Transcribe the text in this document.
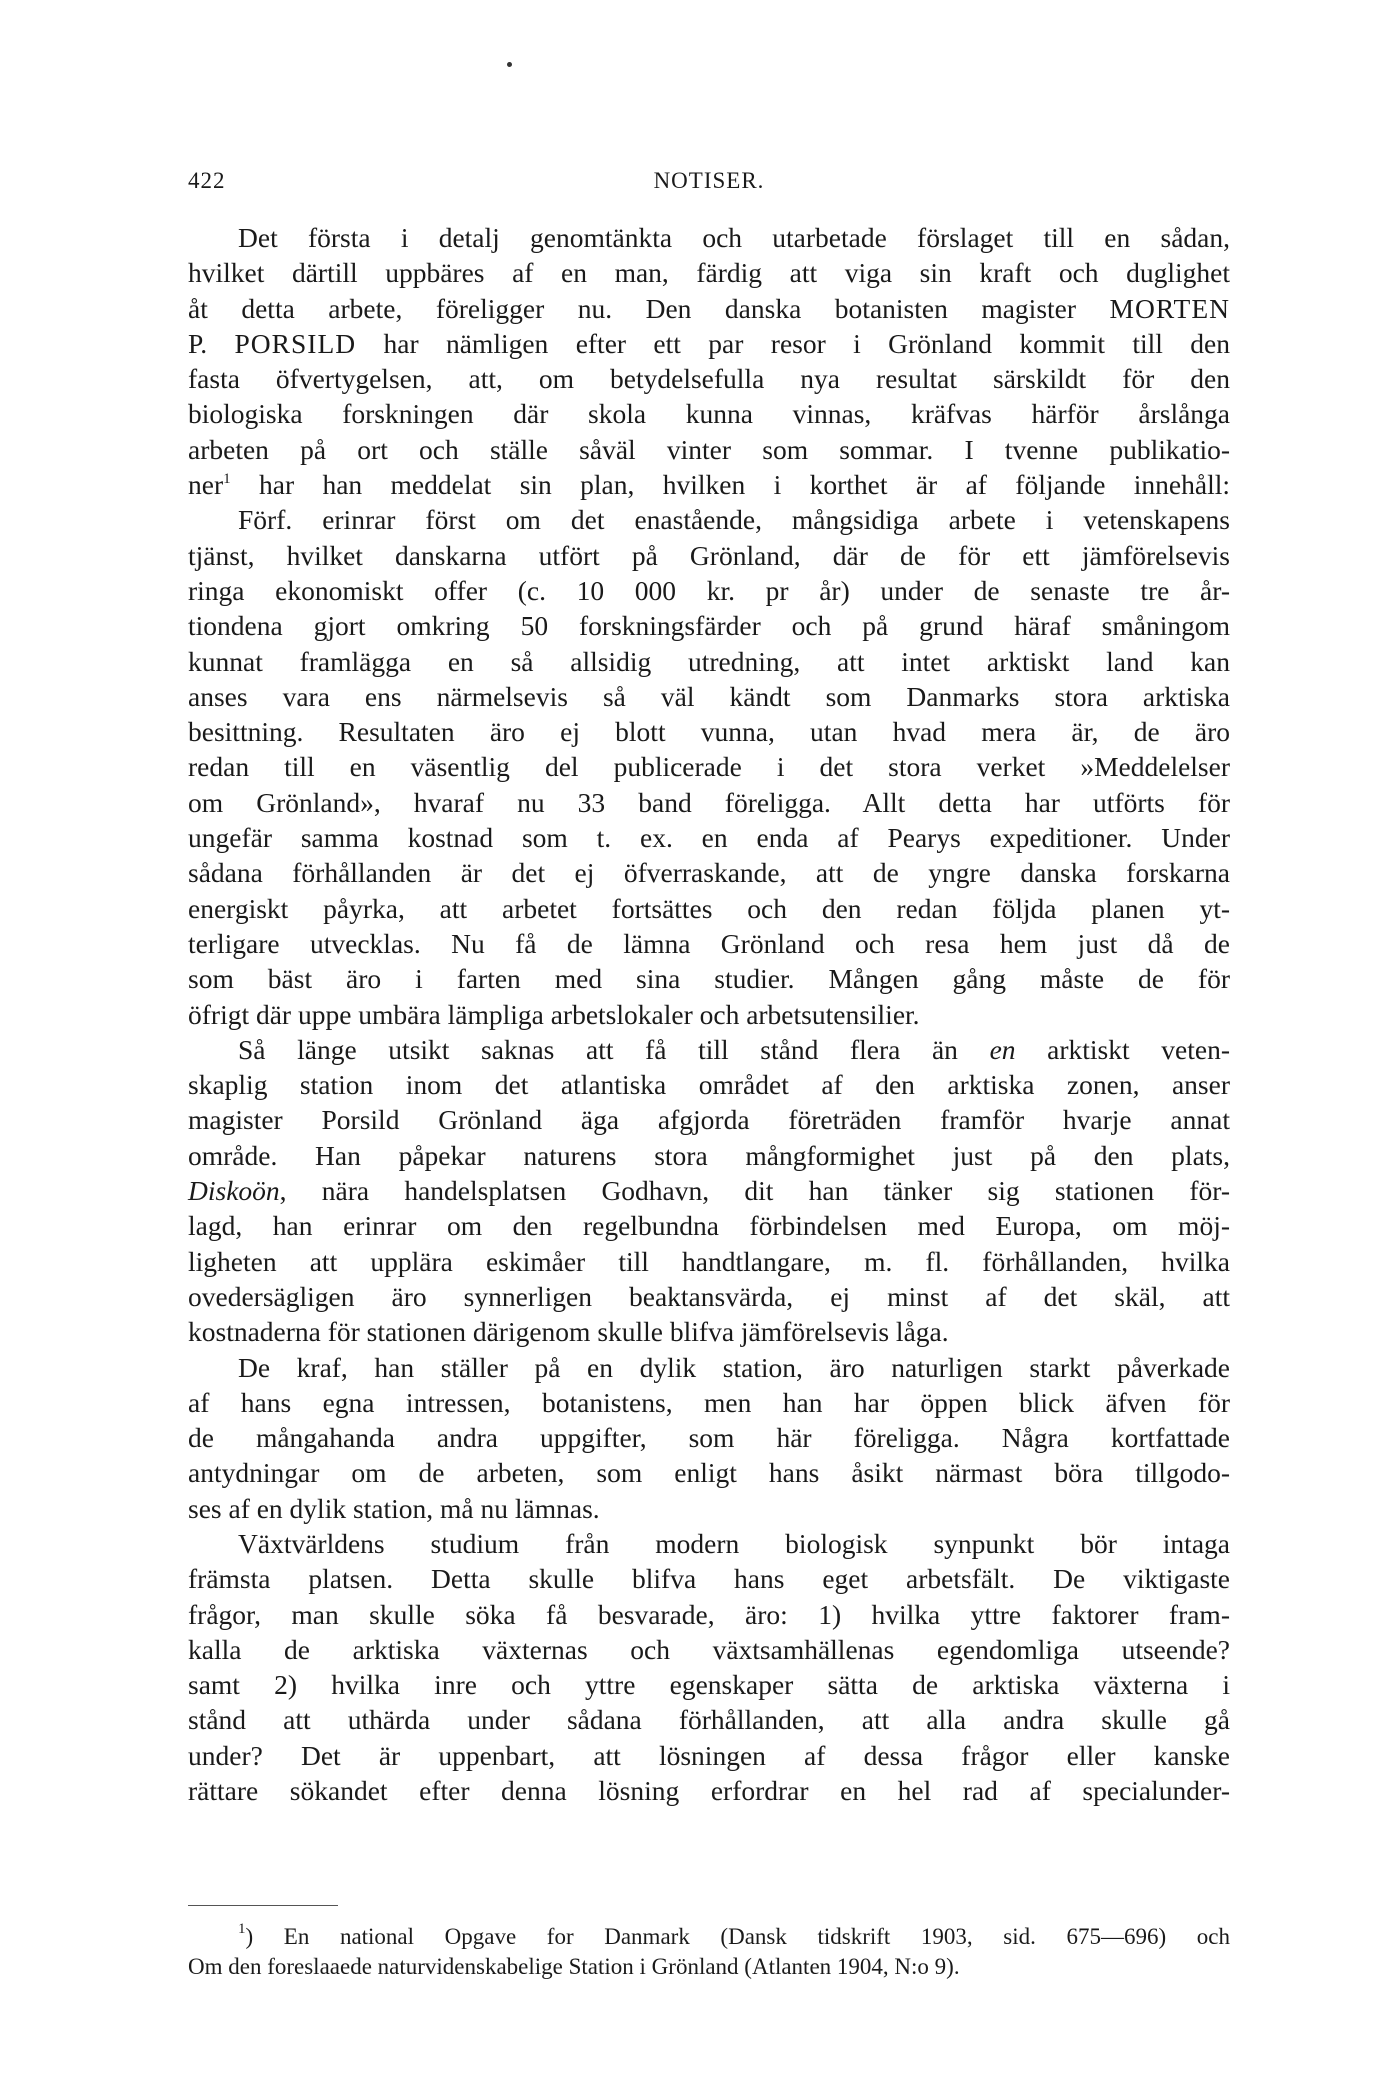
422	NOTISER.
Det första i detalj genomtänkta och utarbetade förslaget till en sådan,
hvilket därtill uppbäres af en man, färdig att viga sin kraft och duglighet
åt detta arbete, föreligger nu. Den danska botanisten magister MORTEN
P. PORSILD har nämligen efter ett par resor i Grönland kommit till den
fasta öfvertygelsen, att, om betydelsefulla nya resultat särskildt för den
biologiska forskningen där skola kunna vinnas, kräfvas härför årslånga
arbeten på ort och ställe såväl vinter som sommar. I tvenne publikatio-
ner$^1$ har han meddelat sin plan, hvilken i korthet är af följande innehåll:
Förf. erinrar först om det enastående, mångsidiga arbete i vetenskapens
tjänst, hvilket danskarna utfört på Grönland, där de för ett jämförelsevis
ringa ekonomiskt offer (c. 10 000 kr. pr år) under de senaste tre år-
tiondena gjort omkring 50 forskningsfärder och på grund häraf småningom
kunnat framlägga en så allsidig utredning, att intet arktiskt land kan
anses vara ens närmelsevis så väl kändt som Danmarks stora arktiska
besittning. Resultaten äro ej blott vunna, utan hvad mera är, de äro
redan till en väsentlig del publicerade i det stora verket »Meddelelser
om Grönland», hvaraf nu 33 band föreligga. Allt detta har utförts för
ungefär samma kostnad som t. ex. en enda af Pearys expeditioner. Under
sådana förhållanden är det ej öfverraskande, att de yngre danska forskarna
energiskt påyrka, att arbetet fortsättes och den redan följda planen yt-
terligare utvecklas. Nu få de lämna Grönland och resa hem just då de
som bäst äro i farten med sina studier. Mången gång måste de för
öfrigt där uppe umbära lämpliga arbetslokaler och arbetsutensilier.
Så länge utsikt saknas att få till stånd flera än en arktiskt veten-
skaplig station inom det atlantiska området af den arktiska zonen, anser
magister Porsild Grönland äga afgjorda företräden framför hvarje annat
område. Han påpekar naturens stora mångformighet just på den plats,
Diskoön, nära handelsplatsen Godhavn, dit han tänker sig stationen för-
lagd, han erinrar om den regelbundna förbindelsen med Europa, om möj-
ligheten att upplära eskimåer till handtlangare, m. fl. förhållanden, hvilka
ovedersägligen äro synnerligen beaktansvärda, ej minst af det skäl, att
kostnaderna för stationen därigenom skulle blifva jämförelsevis låga.
De kraf, han ställer på en dylik station, äro naturligen starkt påverkade
af hans egna intressen, botanistens, men han har öppen blick äfven för
de mångahanda andra uppgifter, som här föreligga. Några kortfattade
antydningar om de arbeten, som enligt hans åsikt närmast böra tillgodo-
ses af en dylik station, må nu lämnas.
Växtvärldens studium från modern biologisk synpunkt bör intaga
främsta platsen. Detta skulle blifva hans eget arbetsfält. De viktigaste
frågor, man skulle söka få besvarade, äro: 1) hvilka yttre faktorer fram-
kalla de arktiska växternas och växtsamhällenas egendomliga utseende?
samt 2) hvilka inre och yttre egenskaper sätta de arktiska växterna i
stånd att uthärda under sådana förhållanden, att alla andra skulle gå
under? Det är uppenbart, att lösningen af dessa frågor eller kanske
rättare sökandet efter denna lösning erfordrar en hel rad af specialunder-
$^1$) En national Opgave for Danmark (Dansk tidskrift 1903, sid. 675—696) och
Om den foreslaaede naturvidenskabelige Station i Grönland (Atlanten 1904, N:o 9).
